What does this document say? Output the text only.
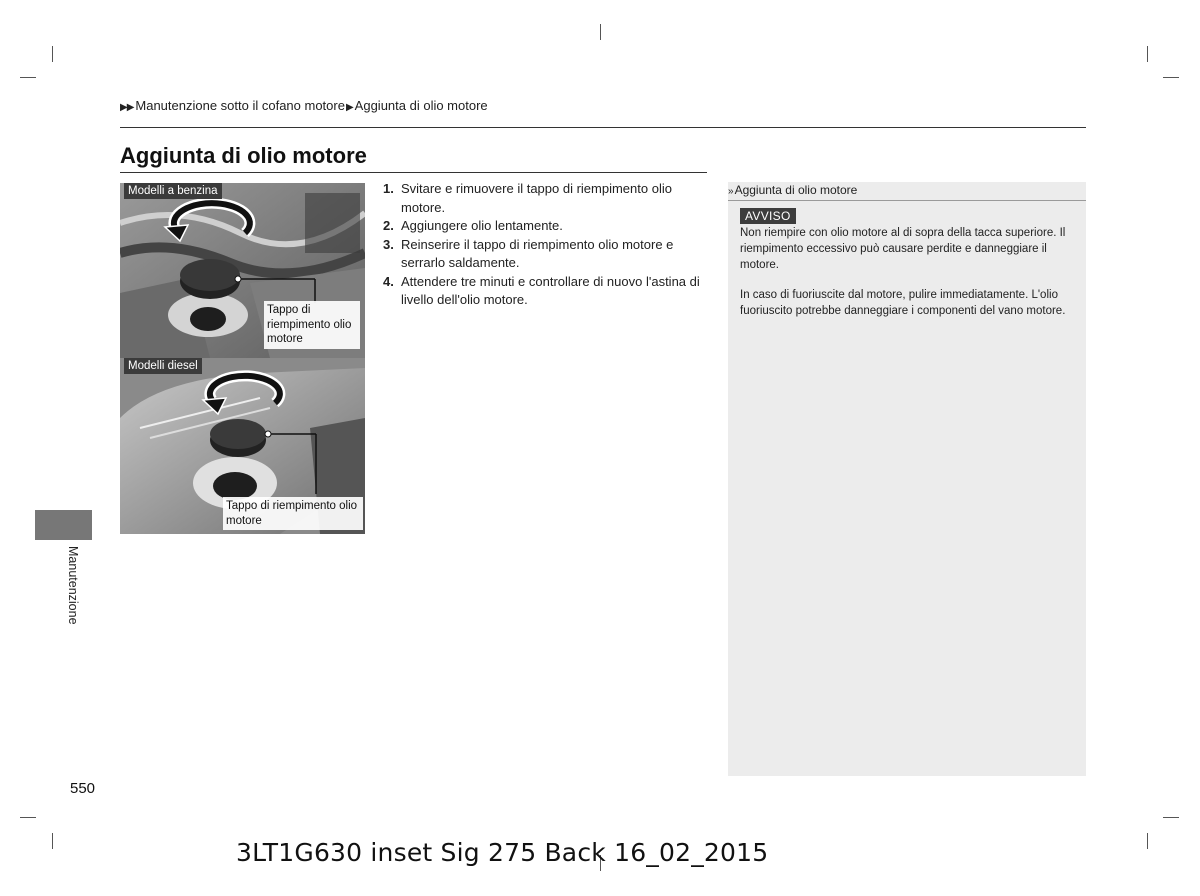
▶▶ Manutenzione sotto il cofano motore▶Aggiunta di olio motore
Aggiunta di olio motore
Modelli a benzina
Tappo di riempimento olio motore
Modelli diesel
Tappo di riempimento olio motore
1. Svitare e rimuovere il tappo di riempimento olio motore.
2. Aggiungere olio lentamente.
3. Reinserire il tappo di riempimento olio motore e serrarlo saldamente.
4. Attendere tre minuti e controllare di nuovo l'astina di livello dell'olio motore.
» Aggiunta di olio motore
AVVISO

Non riempire con olio motore al di sopra della tacca superiore. Il riempimento eccessivo può causare perdite e danneggiare il motore.

In caso di fuoriuscite dal motore, pulire immediatamente. L'olio fuoriuscito potrebbe danneggiare i componenti del vano motore.

Manutenzione
550
3LT1G630 inset Sig 275 Back 16_02_2015
